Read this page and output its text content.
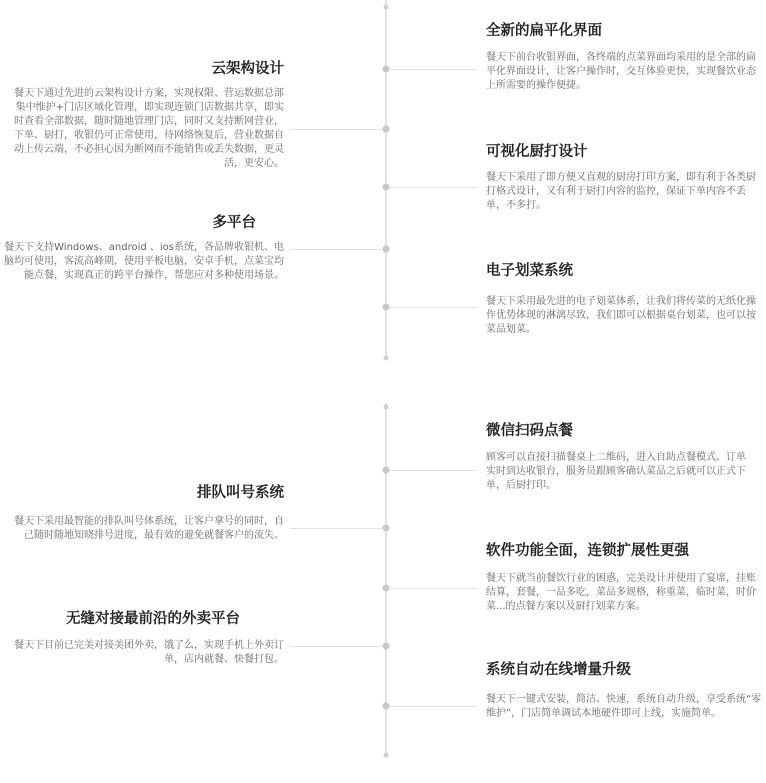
云架构设计
餐天下通过先进的云架构设计方案，实现权限、营运数据总部集中维护+门店区域化管理，即实现连锁门店数据共享，即实时查看全部数据，随时随地管理门店，同时又支持断网营业，下单、厨打，收银仍可正常使用，待网络恢复后，营业数据自动上传云端，不必担心因为断网而不能销售或丢失数据，更灵活，更安心。
多平台
餐天下支持Windows、android 、ios系统，各品牌收银机、电脑均可使用，客流高峰期，使用平板电脑，安卓手机，点菜宝均能点餐，实现真正的跨平台操作，帮您应对多种使用场景。
排队叫号系统
餐天下采用最智能的排队叫号体系统，让客户拿号的同时，自己随时随地知晓排号进度，最有效的避免就餐客户的流失。
无缝对接最前沿的外卖平台
餐天下目前已完美对接美团外卖，饿了么，实现手机上外卖订单，店内就餐、快餐打包。
全新的扁平化界面
餐天下前台收银界面，各终端的点菜界面均采用的是全部的扁平化界面设计，让客户操作时，交互体验更快，实现餐饮业态上所需要的操作便捷。
可视化厨打设计
餐天下采用了即方便又直观的厨房打印方案，即有利于各类厨打格式设计，又有利于厨打内容的监控，保证下单内容不丢单，不多打。
电子划菜系统
餐天下采用最先进的电子划菜体系，让我们将传菜的无纸化操作优势体现的淋漓尽致，我们即可以根据桌台划菜，也可以按菜品划菜。
微信扫码点餐
顾客可以直接扫描餐桌上二维码，进入自助点餐模式。订单实时到达收银台，服务员跟顾客确认菜品之后就可以正式下单，后厨打印。
软件功能全面，连锁扩展性更强
餐天下就当前餐饮行业的困惑，完美设计并使用了宴席，挂账结算，套餐，一品多吃，菜品多规格，称重菜，临时菜，时价菜...的点餐方案以及厨打划菜方案。
系统自动在线增量升级
餐天下一键式安装，简洁、快速，系统自动升级，享受系统“零维护”，门店简单调试本地硬件即可上线，实施简单。
